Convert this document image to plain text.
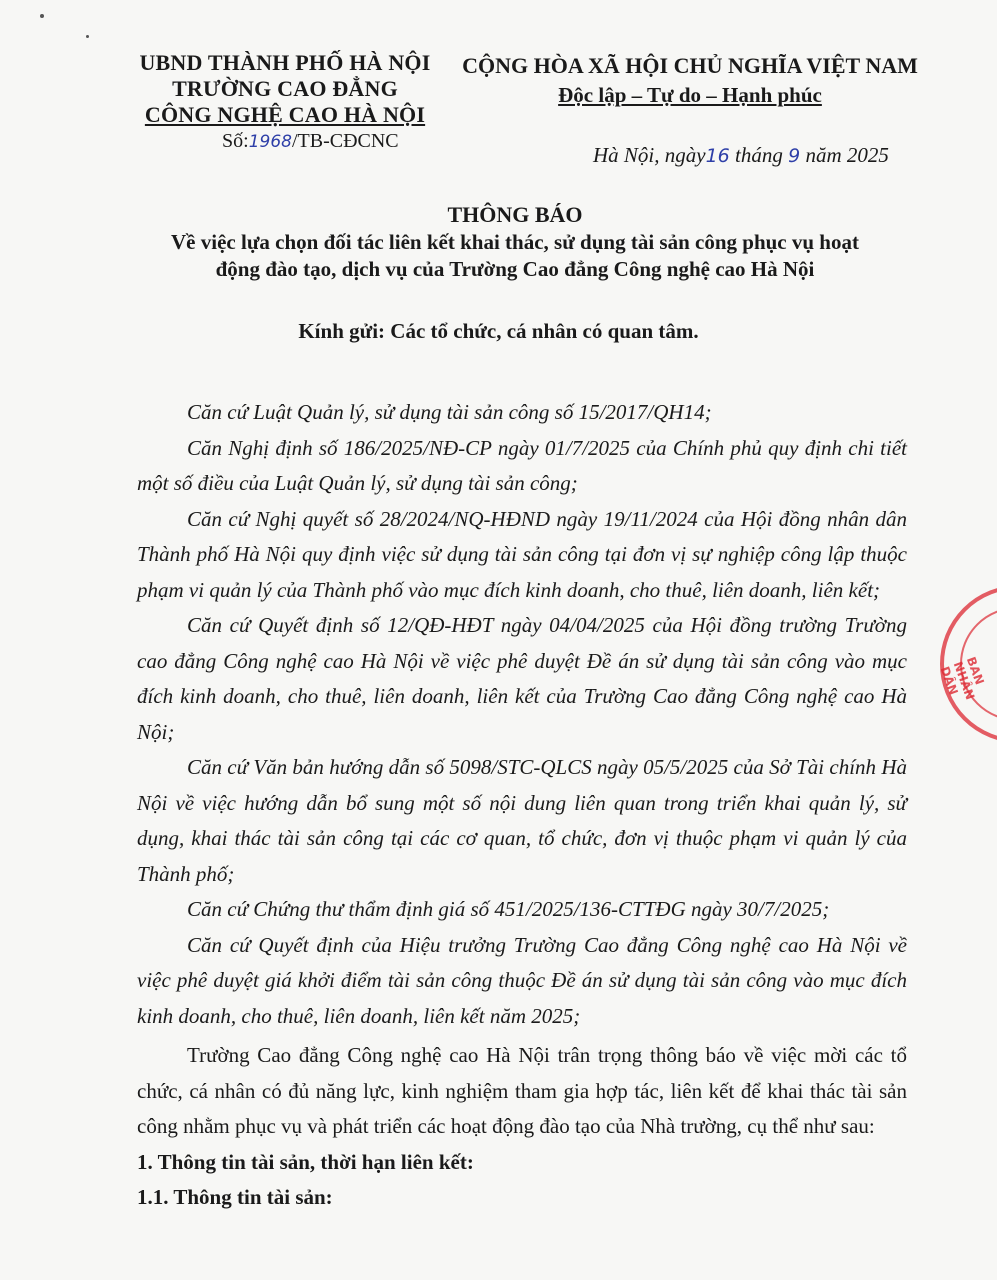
UBND THÀNH PHỐ HÀ NỘI
TRƯỜNG CAO ĐẲNG
CÔNG NGHỆ CAO HÀ NỘI
Số:1968/TB-CĐCNC
CỘNG HÒA XÃ HỘI CHỦ NGHĨA VIỆT NAM
Độc lập – Tự do – Hạnh phúc
Hà Nội, ngày16 tháng 9 năm 2025
THÔNG BÁO
Về việc lựa chọn đối tác liên kết khai thác, sử dụng tài sản công phục vụ hoạt
động đào tạo, dịch vụ của Trường Cao đẳng Công nghệ cao Hà Nội
Kính gửi: Các tổ chức, cá nhân có quan tâm.

Căn cứ Luật Quản lý, sử dụng tài sản công số 15/2017/QH14;

Căn Nghị định số 186/2025/NĐ-CP ngày 01/7/2025 của Chính phủ quy định chi tiết một số điều của Luật Quản lý, sử dụng tài sản công;

Căn cứ Nghị quyết số 28/2024/NQ-HĐND ngày 19/11/2024 của Hội đồng nhân dân Thành phố Hà Nội quy định việc sử dụng tài sản công tại đơn vị sự nghiệp công lập thuộc phạm vi quản lý của Thành phố vào mục đích kinh doanh, cho thuê, liên doanh, liên kết;

Căn cứ Quyết định số 12/QĐ-HĐT ngày 04/04/2025 của Hội đồng trường Trường cao đẳng Công nghệ cao Hà Nội về việc phê duyệt Đề án sử dụng tài sản công vào mục đích kinh doanh, cho thuê, liên doanh, liên kết của Trường Cao đẳng Công nghệ cao Hà Nội;

Căn cứ Văn bản hướng dẫn số 5098/STC-QLCS ngày 05/5/2025 của Sở Tài chính Hà Nội về việc hướng dẫn bổ sung một số nội dung liên quan trong triển khai quản lý, sử dụng, khai thác tài sản công tại các cơ quan, tổ chức, đơn vị thuộc phạm vi quản lý của Thành phố;

Căn cứ Chứng thư thẩm định giá số 451/2025/136-CTTĐG ngày 30/7/2025;

Căn cứ Quyết định của Hiệu trưởng Trường Cao đẳng Công nghệ cao Hà Nội về việc phê duyệt giá khởi điểm tài sản công thuộc Đề án sử dụng tài sản công vào mục đích kinh doanh, cho thuê, liên doanh, liên kết năm 2025;

Trường Cao đẳng Công nghệ cao Hà Nội trân trọng thông báo về việc mời các tổ chức, cá nhân có đủ năng lực, kinh nghiệm tham gia hợp tác, liên kết để khai thác tài sản công nhằm phục vụ và phát triển các hoạt động đào tạo của Nhà trường, cụ thể như sau:

1. Thông tin tài sản, thời hạn liên kết:

1.1. Thông tin tài sản:

BAN NHÂN DÂN
